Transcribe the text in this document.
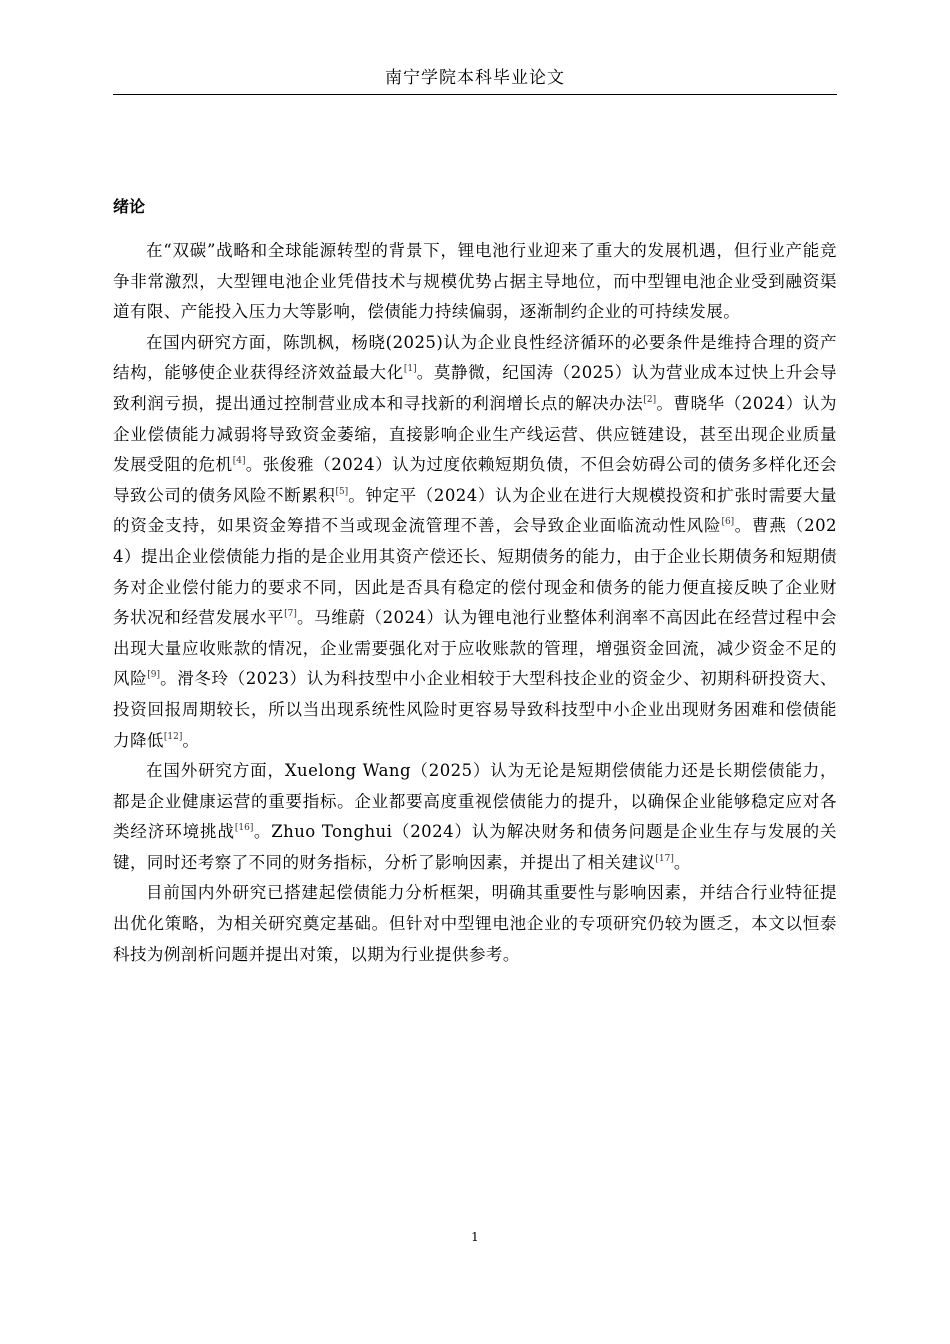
南宁学院本科毕业论文
绪论

在“双碳”战略和全球能源转型的背景下，锂电池行业迎来了重大的发展机遇，但行业产能竞争非常激烈，大型锂电池企业凭借技术与规模优势占据主导地位，而中型锂电池企业受到融资渠道有限、产能投入压力大等影响，偿债能力持续偏弱，逐渐制约企业的可持续发展。

在国内研究方面，陈凯枫，杨晓(2025)认为企业良性经济循环的必要条件是维持合理的资产结构，能够使企业获得经济效益最大化[1]。莫静微，纪国涛（2025）认为营业成本过快上升会导致利润亏损，提出通过控制营业成本和寻找新的利润增长点的解决办法[2]。曹晓华（2024）认为企业偿债能力减弱将导致资金萎缩，直接影响企业生产线运营、供应链建设，甚至出现企业质量发展受阻的危机[4]。张俊雅（2024）认为过度依赖短期负债，不但会妨碍公司的债务多样化还会导致公司的债务风险不断累积[5]。钟定平（2024）认为企业在进行大规模投资和扩张时需要大量的资金支持，如果资金筹措不当或现金流管理不善，会导致企业面临流动性风险[6]。曹燕（2024）提出企业偿债能力指的是企业用其资产偿还长、短期债务的能力，由于企业长期债务和短期债务对企业偿付能力的要求不同，因此是否具有稳定的偿付现金和债务的能力便直接反映了企业财务状况和经营发展水平[7]。马维蔚（2024）认为锂电池行业整体利润率不高因此在经营过程中会出现大量应收账款的情况，企业需要强化对于应收账款的管理，增强资金回流，减少资金不足的风险[9]。滑冬玲（2023）认为科技型中小企业相较于大型科技企业的资金少、初期科研投资大、投资回报周期较长，所以当出现系统性风险时更容易导致科技型中小企业出现财务困难和偿债能力降低[12]。

在国外研究方面，Xuelong Wang（2025）认为无论是短期偿债能力还是长期偿债能力，都是企业健康运营的重要指标。企业都要高度重视偿债能力的提升，以确保企业能够稳定应对各类经济环境挑战[16]。Zhuo Tonghui（2024）认为解决财务和债务问题是企业生存与发展的关键，同时还考察了不同的财务指标，分析了影响因素，并提出了相关建议[17]。

目前国内外研究已搭建起偿债能力分析框架，明确其重要性与影响因素，并结合行业特征提出优化策略，为相关研究奠定基础。但针对中型锂电池企业的专项研究仍较为匮乏，本文以恒泰科技为例剖析问题并提出对策，以期为行业提供参考。

1
